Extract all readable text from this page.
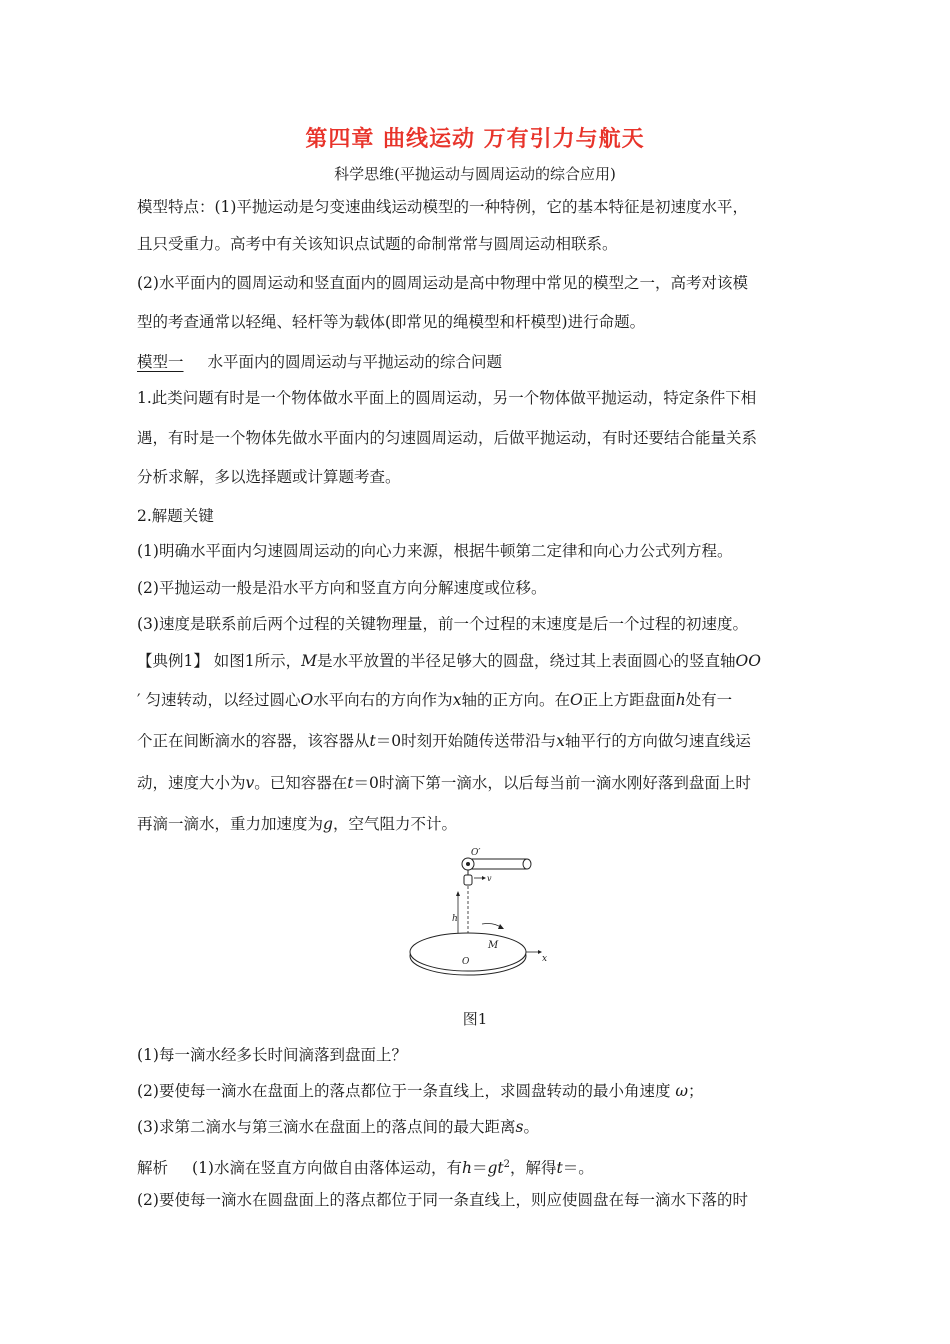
第四章 曲线运动 万有引力与航天
科学思维(平抛运动与圆周运动的综合应用)
模型特点：(1)平抛运动是匀变速曲线运动模型的一种特例，它的基本特征是初速度水平，
且只受重力。高考中有关该知识点试题的命制常常与圆周运动相联系。
(2)水平面内的圆周运动和竖直面内的圆周运动是高中物理中常见的模型之一，高考对该模
型的考查通常以轻绳、轻杆等为载体(即常见的绳模型和杆模型)进行命题。
模型一 水平面内的圆周运动与平抛运动的综合问题
1.此类问题有时是一个物体做水平面上的圆周运动，另一个物体做平抛运动，特定条件下相
遇，有时是一个物体先做水平面内的匀速圆周运动，后做平抛运动，有时还要结合能量关系
分析求解，多以选择题或计算题考查。
2.解题关键
(1)明确水平面内匀速圆周运动的向心力来源，根据牛顿第二定律和向心力公式列方程。
(2)平抛运动一般是沿水平方向和竖直方向分解速度或位移。
(3)速度是联系前后两个过程的关键物理量，前一个过程的末速度是后一个过程的初速度。
【典例1】 如图1所示，M是水平放置的半径足够大的圆盘，绕过其上表面圆心的竖直轴OO
′ 匀速转动，以经过圆心O水平向右的方向作为x轴的正方向。在O正上方距盘面h处有一
个正在间断滴水的容器，该容器从t＝0时刻开始随传送带沿与x轴平行的方向做匀速直线运
动，速度大小为v。已知容器在t＝0时滴下第一滴水，以后每当前一滴水刚好落到盘面上时
再滴一滴水，重力加速度为g，空气阻力不计。
O′
v
h
M
O	x
图1
(1)每一滴水经多长时间滴落到盘面上？
(2)要使每一滴水在盘面上的落点都位于一条直线上，求圆盘转动的最小角速度 ω；
(3)求第二滴水与第三滴水在盘面上的落点间的最大距离s。
解析 (1)水滴在竖直方向做自由落体运动，有$h=gt^2$，解得t＝。
(2)要使每一滴水在圆盘面上的落点都位于同一条直线上，则应使圆盘在每一滴水下落的时
